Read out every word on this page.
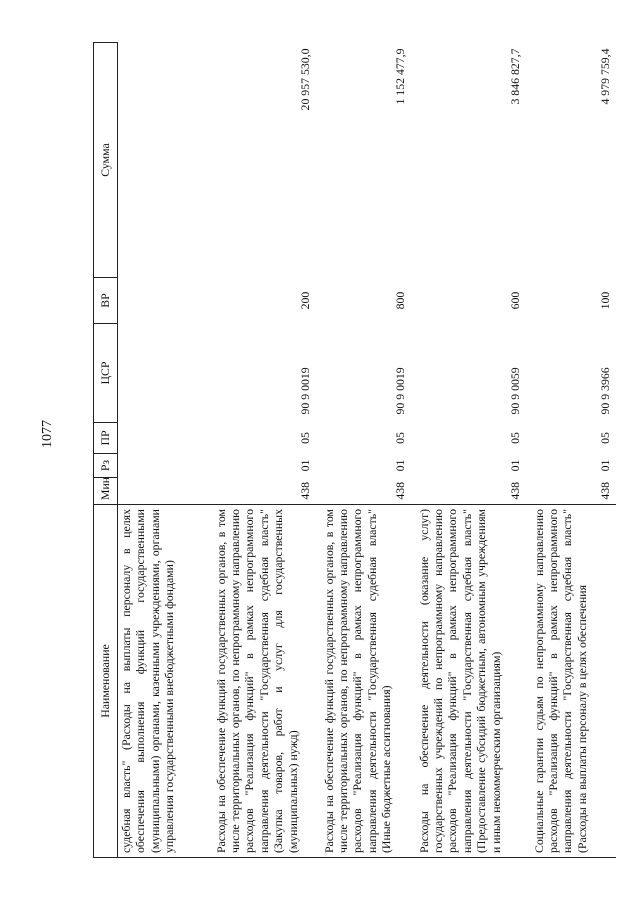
1077
Наименование	Мин	Рз	ПР	ЦСР	ВР	Сумма
судебная власть" (Расходы на выплаты персоналу в целях обеспечения выполнения функций государственными (муниципальными) органами, казенными учреждениями, органами управления государственными внебюджетными фондами)						
Расходы на обеспечение функций государственных органов, в том числе территориальных органов, по непрограммному направлению расходов "Реализация функций" в рамках непрограммного направления деятельности "Государственная судебная власть" (Закупка товаров, работ и услуг для государственных (муниципальных) нужд)	438	01	05	90 9 0019	200	20 957 530,0
Расходы на обеспечение функций государственных органов, в том числе территориальных органов, по непрограммному направлению расходов "Реализация функций" в рамках непрограммного направления деятельности "Государственная судебная власть" (Иные бюджетные ассигнования)	438	01	05	90 9 0019	800	1 152 477,9
Расходы на обеспечение деятельности (оказание услуг) государственных учреждений по непрограммному направлению расходов "Реализация функций" в рамках непрограммного направления деятельности "Государственная судебная власть" (Предоставление субсидий бюджетным, автономным учреждениям и иным некоммерческим организациям)	438	01	05	90 9 0059	600	3 846 827,7
Социальные гарантии судьям по непрограммному направлению расходов "Реализация функций" в рамках непрограммного направления деятельности "Государственная судебная власть" (Расходы на выплаты персоналу в целях обеспечения	438	01	05	90 9 3966	100	4 979 759,4
